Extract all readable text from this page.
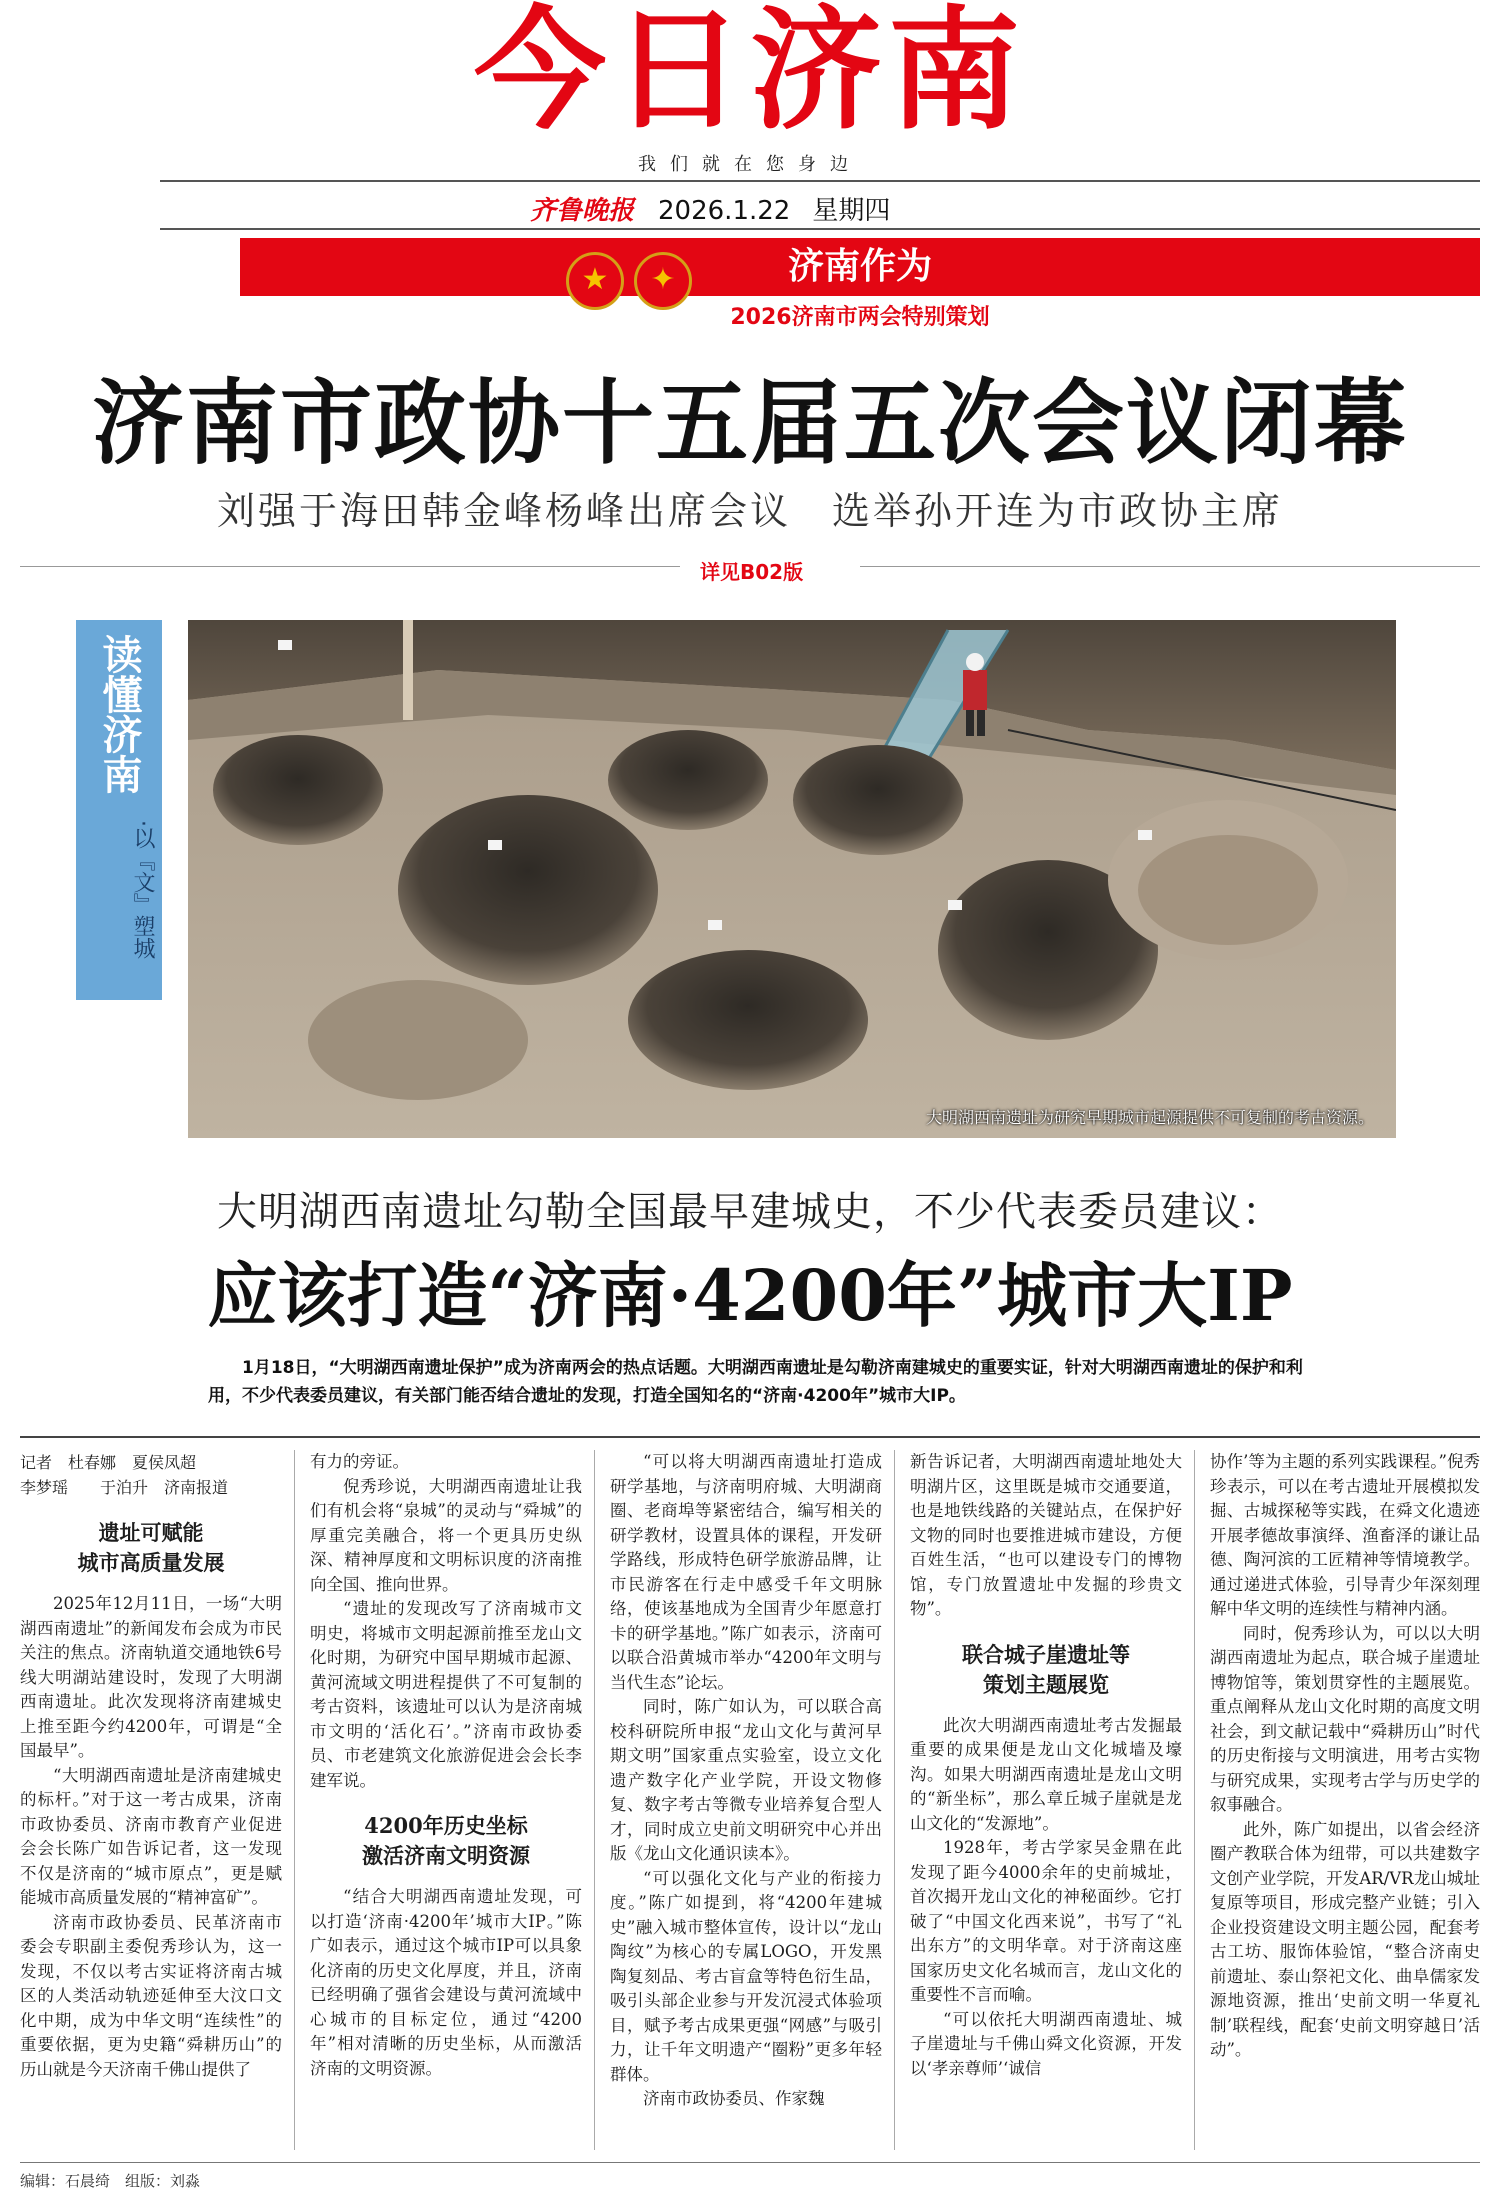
今日济南
我们就在您身边
齐鲁晚报 2026.1.22 星期四
★	✦	济南作为
2026济南市两会特别策划
济南市政协十五届五次会议闭幕
刘强于海田韩金峰杨峰出席会议　选举孙开连为市政协主席
详见B02版
读懂济南
·以『文』塑城
大明湖西南遗址为研究早期城市起源提供不可复制的考古资源。
大明湖西南遗址勾勒全国最早建城史，不少代表委员建议：
应该打造“济南·4200年”城市大IP
1月18日，“大明湖西南遗址保护”成为济南两会的热点话题。大明湖西南遗址是勾勒济南建城史的重要实证，针对大明湖西南遗址的保护和利用，不少代表委员建议，有关部门能否结合遗址的发现，打造全国知名的“济南·4200年”城市大IP。

记者　杜春娜　夏侯凤超

李梦瑶　　于泊升　济南报道

遗址可赋能
城市高质量发展

2025年12月11日，一场“大明湖西南遗址”的新闻发布会成为市民关注的焦点。济南轨道交通地铁6号线大明湖站建设时，发现了大明湖西南遗址。此次发现将济南建城史上推至距今约4200年，可谓是“全国最早”。

“大明湖西南遗址是济南建城史的标杆。”对于这一考古成果，济南市政协委员、济南市教育产业促进会会长陈广如告诉记者，这一发现不仅是济南的“城市原点”，更是赋能城市高质量发展的“精神富矿”。

济南市政协委员、民革济南市委会专职副主委倪秀珍认为，这一发现，不仅以考古实证将济南古城区的人类活动轨迹延伸至大汶口文化中期，成为中华文明“连续性”的重要依据，更为史籍“舜耕历山”的历山就是今天济南千佛山提供了

有力的旁证。

倪秀珍说，大明湖西南遗址让我们有机会将“泉城”的灵动与“舜城”的厚重完美融合，将一个更具历史纵深、精神厚度和文明标识度的济南推向全国、推向世界。

“遗址的发现改写了济南城市文明史，将城市文明起源前推至龙山文化时期，为研究中国早期城市起源、黄河流域文明进程提供了不可复制的考古资料，该遗址可以认为是济南城市文明的‘活化石’。”济南市政协委员、市老建筑文化旅游促进会会长李建军说。

4200年历史坐标
激活济南文明资源

“结合大明湖西南遗址发现，可以打造‘济南·4200年’城市大IP。”陈广如表示，通过这个城市IP可以具象化济南的历史文化厚度，并且，济南已经明确了强省会建设与黄河流域中心城市的目标定位，通过“4200年”相对清晰的历史坐标，从而激活济南的文明资源。

“可以将大明湖西南遗址打造成研学基地，与济南明府城、大明湖商圈、老商埠等紧密结合，编写相关的研学教材，设置具体的课程，开发研学路线，形成特色研学旅游品牌，让市民游客在行走中感受千年文明脉络，使该基地成为全国青少年愿意打卡的研学基地。”陈广如表示，济南可以联合沿黄城市举办“4200年文明与当代生态”论坛。

同时，陈广如认为，可以联合高校科研院所申报“龙山文化与黄河早期文明”国家重点实验室，设立文化遗产数字化产业学院，开设文物修复、数字考古等微专业培养复合型人才，同时成立史前文明研究中心并出版《龙山文化通识读本》。

“可以强化文化与产业的衔接力度。”陈广如提到，将“4200年建城史”融入城市整体宣传，设计以“龙山陶纹”为核心的专属LOGO，开发黑陶复刻品、考古盲盒等特色衍生品，吸引头部企业参与开发沉浸式体验项目，赋予考古成果更强“网感”与吸引力，让千年文明遗产“圈粉”更多年轻群体。

济南市政协委员、作家魏

新告诉记者，大明湖西南遗址地处大明湖片区，这里既是城市交通要道，也是地铁线路的关键站点，在保护好文物的同时也要推进城市建设，方便百姓生活，“也可以建设专门的博物馆，专门放置遗址中发掘的珍贵文物”。

联合城子崖遗址等
策划主题展览

此次大明湖西南遗址考古发掘最重要的成果便是龙山文化城墙及壕沟。如果大明湖西南遗址是龙山文明的“新坐标”，那么章丘城子崖就是龙山文化的“发源地”。

1928年，考古学家吴金鼎在此发现了距今4000余年的史前城址，首次揭开龙山文化的神秘面纱。它打破了“中国文化西来说”，书写了“礼出东方”的文明华章。对于济南这座国家历史文化名城而言，龙山文化的重要性不言而喻。

“可以依托大明湖西南遗址、城子崖遗址与千佛山舜文化资源，开发以‘孝亲尊师’‘诚信

协作’等为主题的系列实践课程。”倪秀珍表示，可以在考古遗址开展模拟发掘、古城探秘等实践，在舜文化遗迹开展孝德故事演绎、渔畜泽的谦让品德、陶河滨的工匠精神等情境教学。通过递进式体验，引导青少年深刻理解中华文明的连续性与精神内涵。

同时，倪秀珍认为，可以以大明湖西南遗址为起点，联合城子崖遗址博物馆等，策划贯穿性的主题展览。重点阐释从龙山文化时期的高度文明社会，到文献记载中“舜耕历山”时代的历史衔接与文明演进，用考古实物与研究成果，实现考古学与历史学的叙事融合。

此外，陈广如提出，以省会经济圈产教联合体为纽带，可以共建数字文创产业学院，开发AR/VR龙山城址复原等项目，形成完整产业链；引入企业投资建设文明主题公园，配套考古工坊、服饰体验馆，“整合济南史前遗址、泰山祭祀文化、曲阜儒家发源地资源，推出‘史前文明一华夏礼制’联程线，配套‘史前文明穿越日’活动”。

编辑：石晨绮　组版：刘淼
